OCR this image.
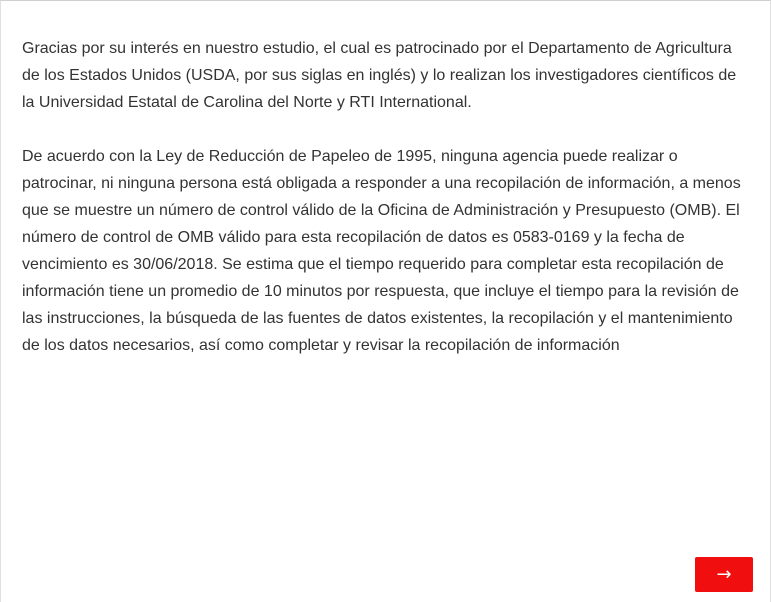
Gracias por su interés en nuestro estudio, el cual es patrocinado por el Departamento de Agricultura de los Estados Unidos (USDA, por sus siglas en inglés) y lo realizan los investigadores científicos de la Universidad Estatal de Carolina del Norte y RTI International.

De acuerdo con la Ley de Reducción de Papeleo de 1995, ninguna agencia puede realizar o patrocinar, ni ninguna persona está obligada a responder a una recopilación de información, a menos que se muestre un número de control válido de la Oficina de Administración y Presupuesto (OMB). El número de control de OMB válido para esta recopilación de datos es 0583-0169 y la fecha de vencimiento es 30/06/2018. Se estima que el tiempo requerido para completar esta recopilación de información tiene un promedio de 10 minutos por respuesta, que incluye el tiempo para la revisión de las instrucciones, la búsqueda de las fuentes de datos existentes, la recopilación y el mantenimiento de los datos necesarios, así como completar y revisar la recopilación de información

→
